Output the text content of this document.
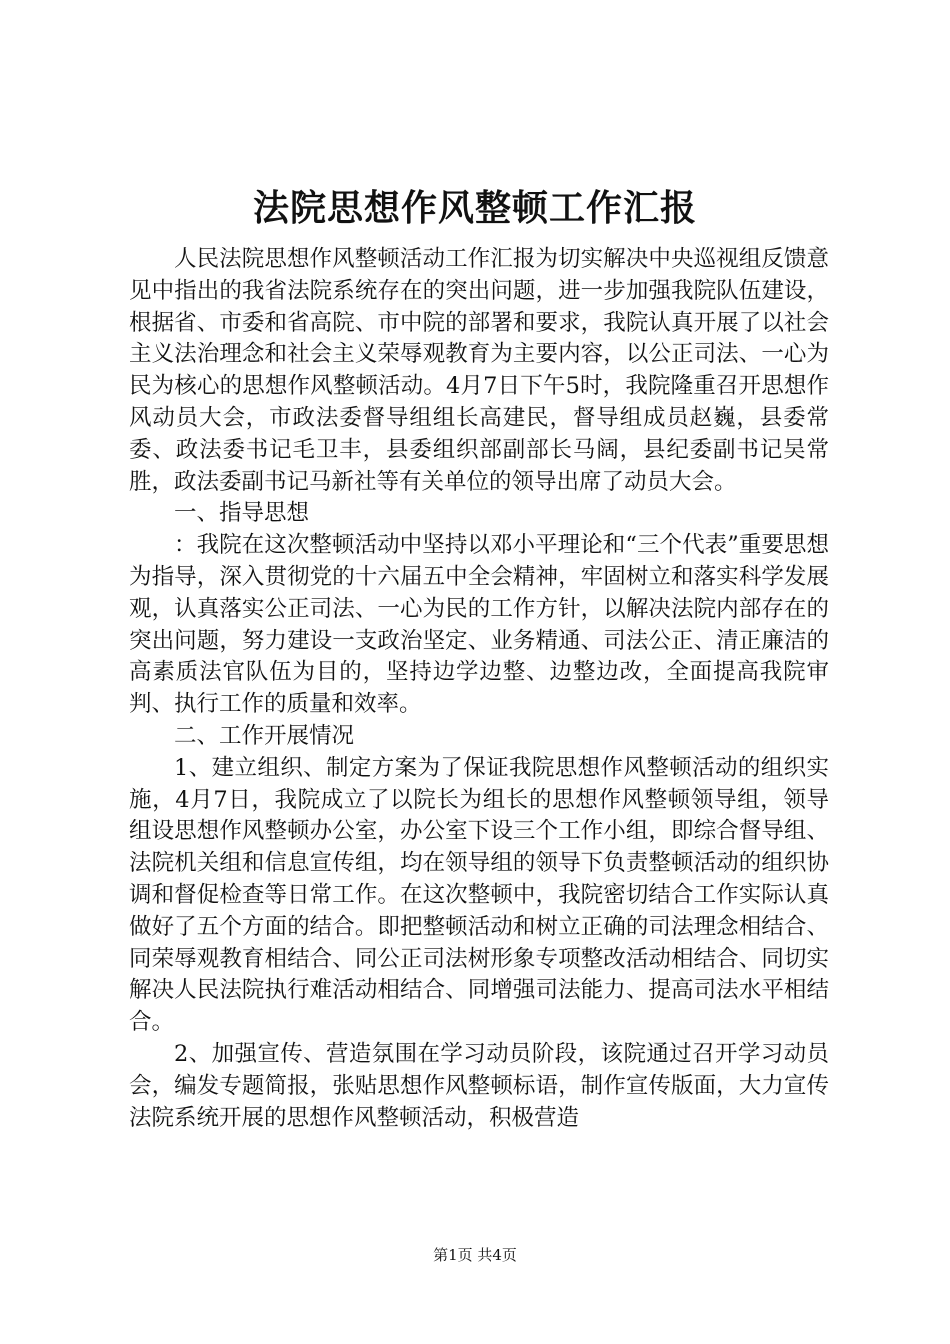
法院思想作风整顿工作汇报

人民法院思想作风整顿活动工作汇报为切实解决中央巡视组反馈意见中指出的我省法院系统存在的突出问题，进一步加强我院队伍建设，根据省、市委和省高院、市中院的部署和要求，我院认真开展了以社会主义法治理念和社会主义荣辱观教育为主要内容，以公正司法、一心为民为核心的思想作风整顿活动。4月7日下午5时，我院隆重召开思想作风动员大会，市政法委督导组组长高建民，督导组成员赵巍，县委常委、政法委书记毛卫丰，县委组织部副部长马阔，县纪委副书记吴常胜，政法委副书记马新社等有关单位的领导出席了动员大会。

一、指导思想

：我院在这次整顿活动中坚持以邓小平理论和“三个代表”重要思想为指导，深入贯彻党的十六届五中全会精神，牢固树立和落实科学发展观，认真落实公正司法、一心为民的工作方针，以解决法院内部存在的突出问题，努力建设一支政治坚定、业务精通、司法公正、清正廉洁的高素质法官队伍为目的，坚持边学边整、边整边改，全面提高我院审判、执行工作的质量和效率。

二、工作开展情况

1、建立组织、制定方案为了保证我院思想作风整顿活动的组织实施，4月7日，我院成立了以院长为组长的思想作风整顿领导组，领导组设思想作风整顿办公室，办公室下设三个工作小组，即综合督导组、法院机关组和信息宣传组，均在领导组的领导下负责整顿活动的组织协调和督促检查等日常工作。在这次整顿中，我院密切结合工作实际认真做好了五个方面的结合。即把整顿活动和树立正确的司法理念相结合、同荣辱观教育相结合、同公正司法树形象专项整改活动相结合、同切实解决人民法院执行难活动相结合、同增强司法能力、提高司法水平相结合。

2、加强宣传、营造氛围在学习动员阶段，该院通过召开学习动员会，编发专题简报，张贴思想作风整顿标语，制作宣传版面，大力宣传法院系统开展的思想作风整顿活动，积极营造

第1页 共4页
